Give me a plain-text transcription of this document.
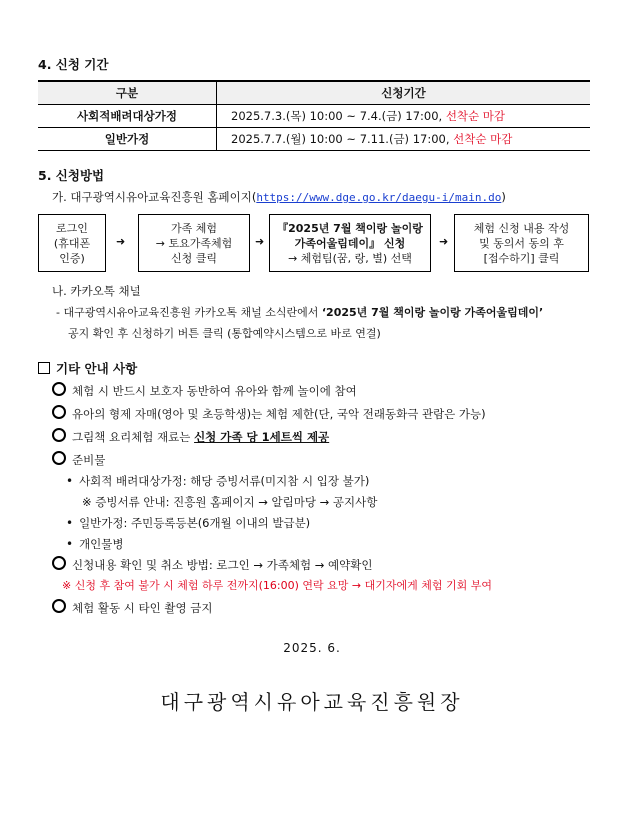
4. 신청 기간
구분	신청기간
사회적배려대상가정	2025.7.3.(목) 10:00 ~ 7.4.(금) 17:00, 선착순 마감
일반가정	2025.7.7.(월) 10:00 ~ 7.11.(금) 17:00, 선착순 마감
5. 신청방법
가. 대구광역시유아교육진흥원 홈페이지(https://www.dge.go.kr/daegu-i/main.do)
로그인
(휴대폰
인증)
➜
가족 체험
→ 토요가족체험
신청 클릭
➜
『2025년 7월 책이랑 놀이랑
가족어울림데이』 신청
→ 체험팀(꿈, 랑, 별) 선택
➜
체험 신청 내용 작성
및 동의서 동의 후
[접수하기] 클릭
나. 카카오톡 채널
- 대구광역시유아교육진흥원 카카오톡 채널 소식란에서 ‘2025년 7월 책이랑 놀이랑 가족어울림데이’
공지 확인 후 신청하기 버튼 클릭 (통합예약시스템으로 바로 연결)
기타 안내 사항
체험 시 반드시 보호자 동반하여 유아와 함께 놀이에 참여
유아의 형제 자매(영아 및 초등학생)는 체험 제한(단, 국악 전래동화극 관람은 가능)
그림책 요리체험 재료는 신청 가족 당 1세트씩 제공
준비물
• 사회적 배려대상가정: 해당 증빙서류(미지참 시 입장 불가)
※ 증빙서류 안내: 진흥원 홈페이지 → 알림마당 → 공지사항
• 일반가정: 주민등록등본(6개월 이내의 발급분)
• 개인물병
신청내용 확인 및 취소 방법: 로그인 → 가족체험 → 예약확인
※ 신청 후 참여 불가 시 체험 하루 전까지(16:00) 연락 요망 → 대기자에게 체험 기회 부여
체험 활동 시 타인 촬영 금지
2025. 6.
대구광역시유아교육진흥원장
